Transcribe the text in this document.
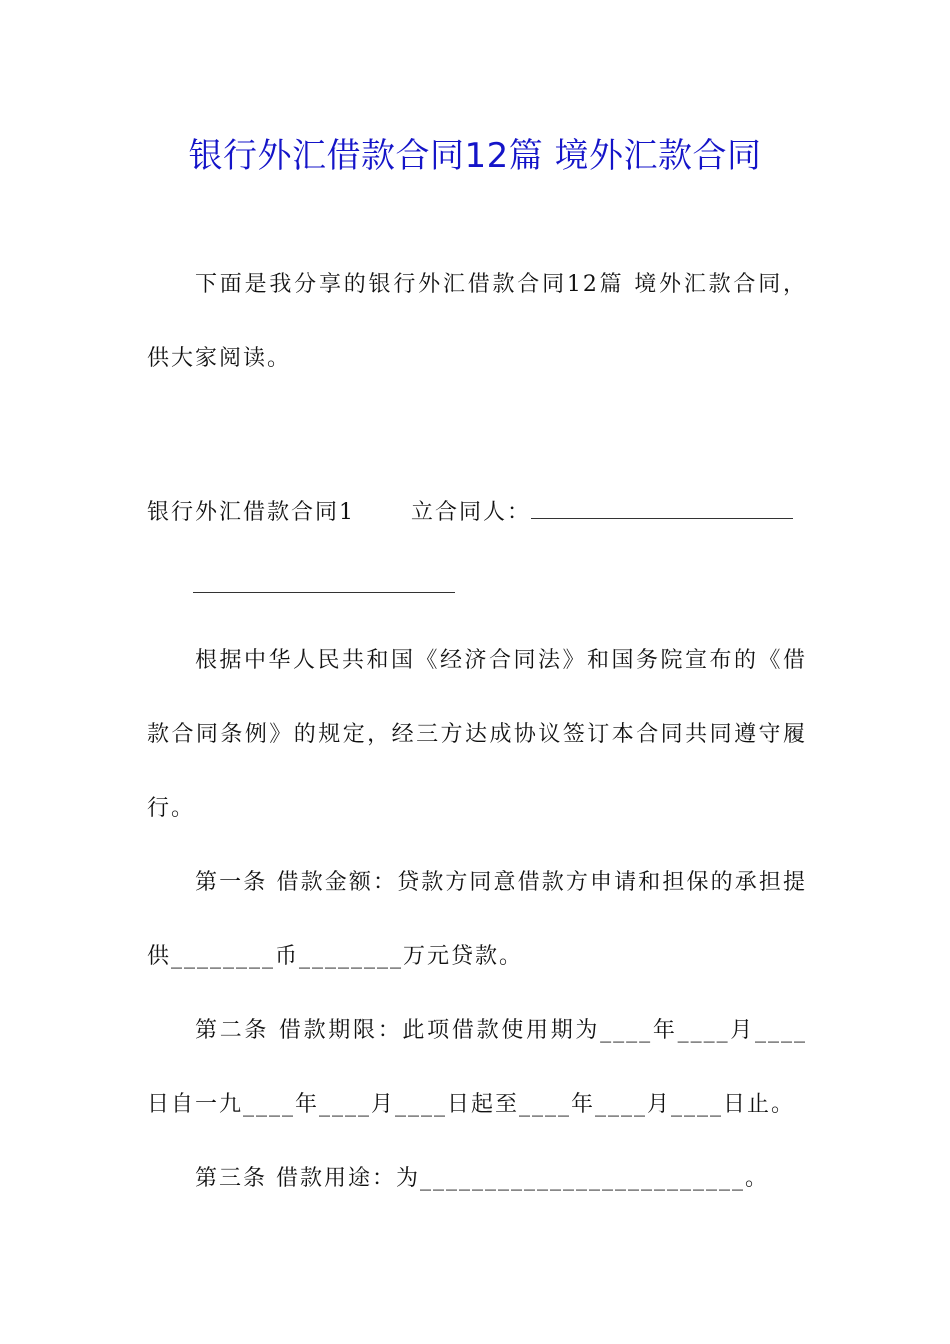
银行外汇借款合同12篇 境外汇款合同

下面是我分享的银行外汇借款合同12篇 境外汇款合同，供大家阅读。

银行外汇借款合同1	立合同人：

根据中华人民共和国《经济合同法》和国务院宣布的《借款合同条例》的规定，经三方达成协议签订本合同共同遵守履行。

第一条 借款金额：贷款方同意借款方申请和担保的承担提供________币________万元贷款。

第二条 借款期限：此项借款使用期为____年____月____日自一九____年____月____日起至____年____月____日止。

第三条 借款用途：为_________________________。
